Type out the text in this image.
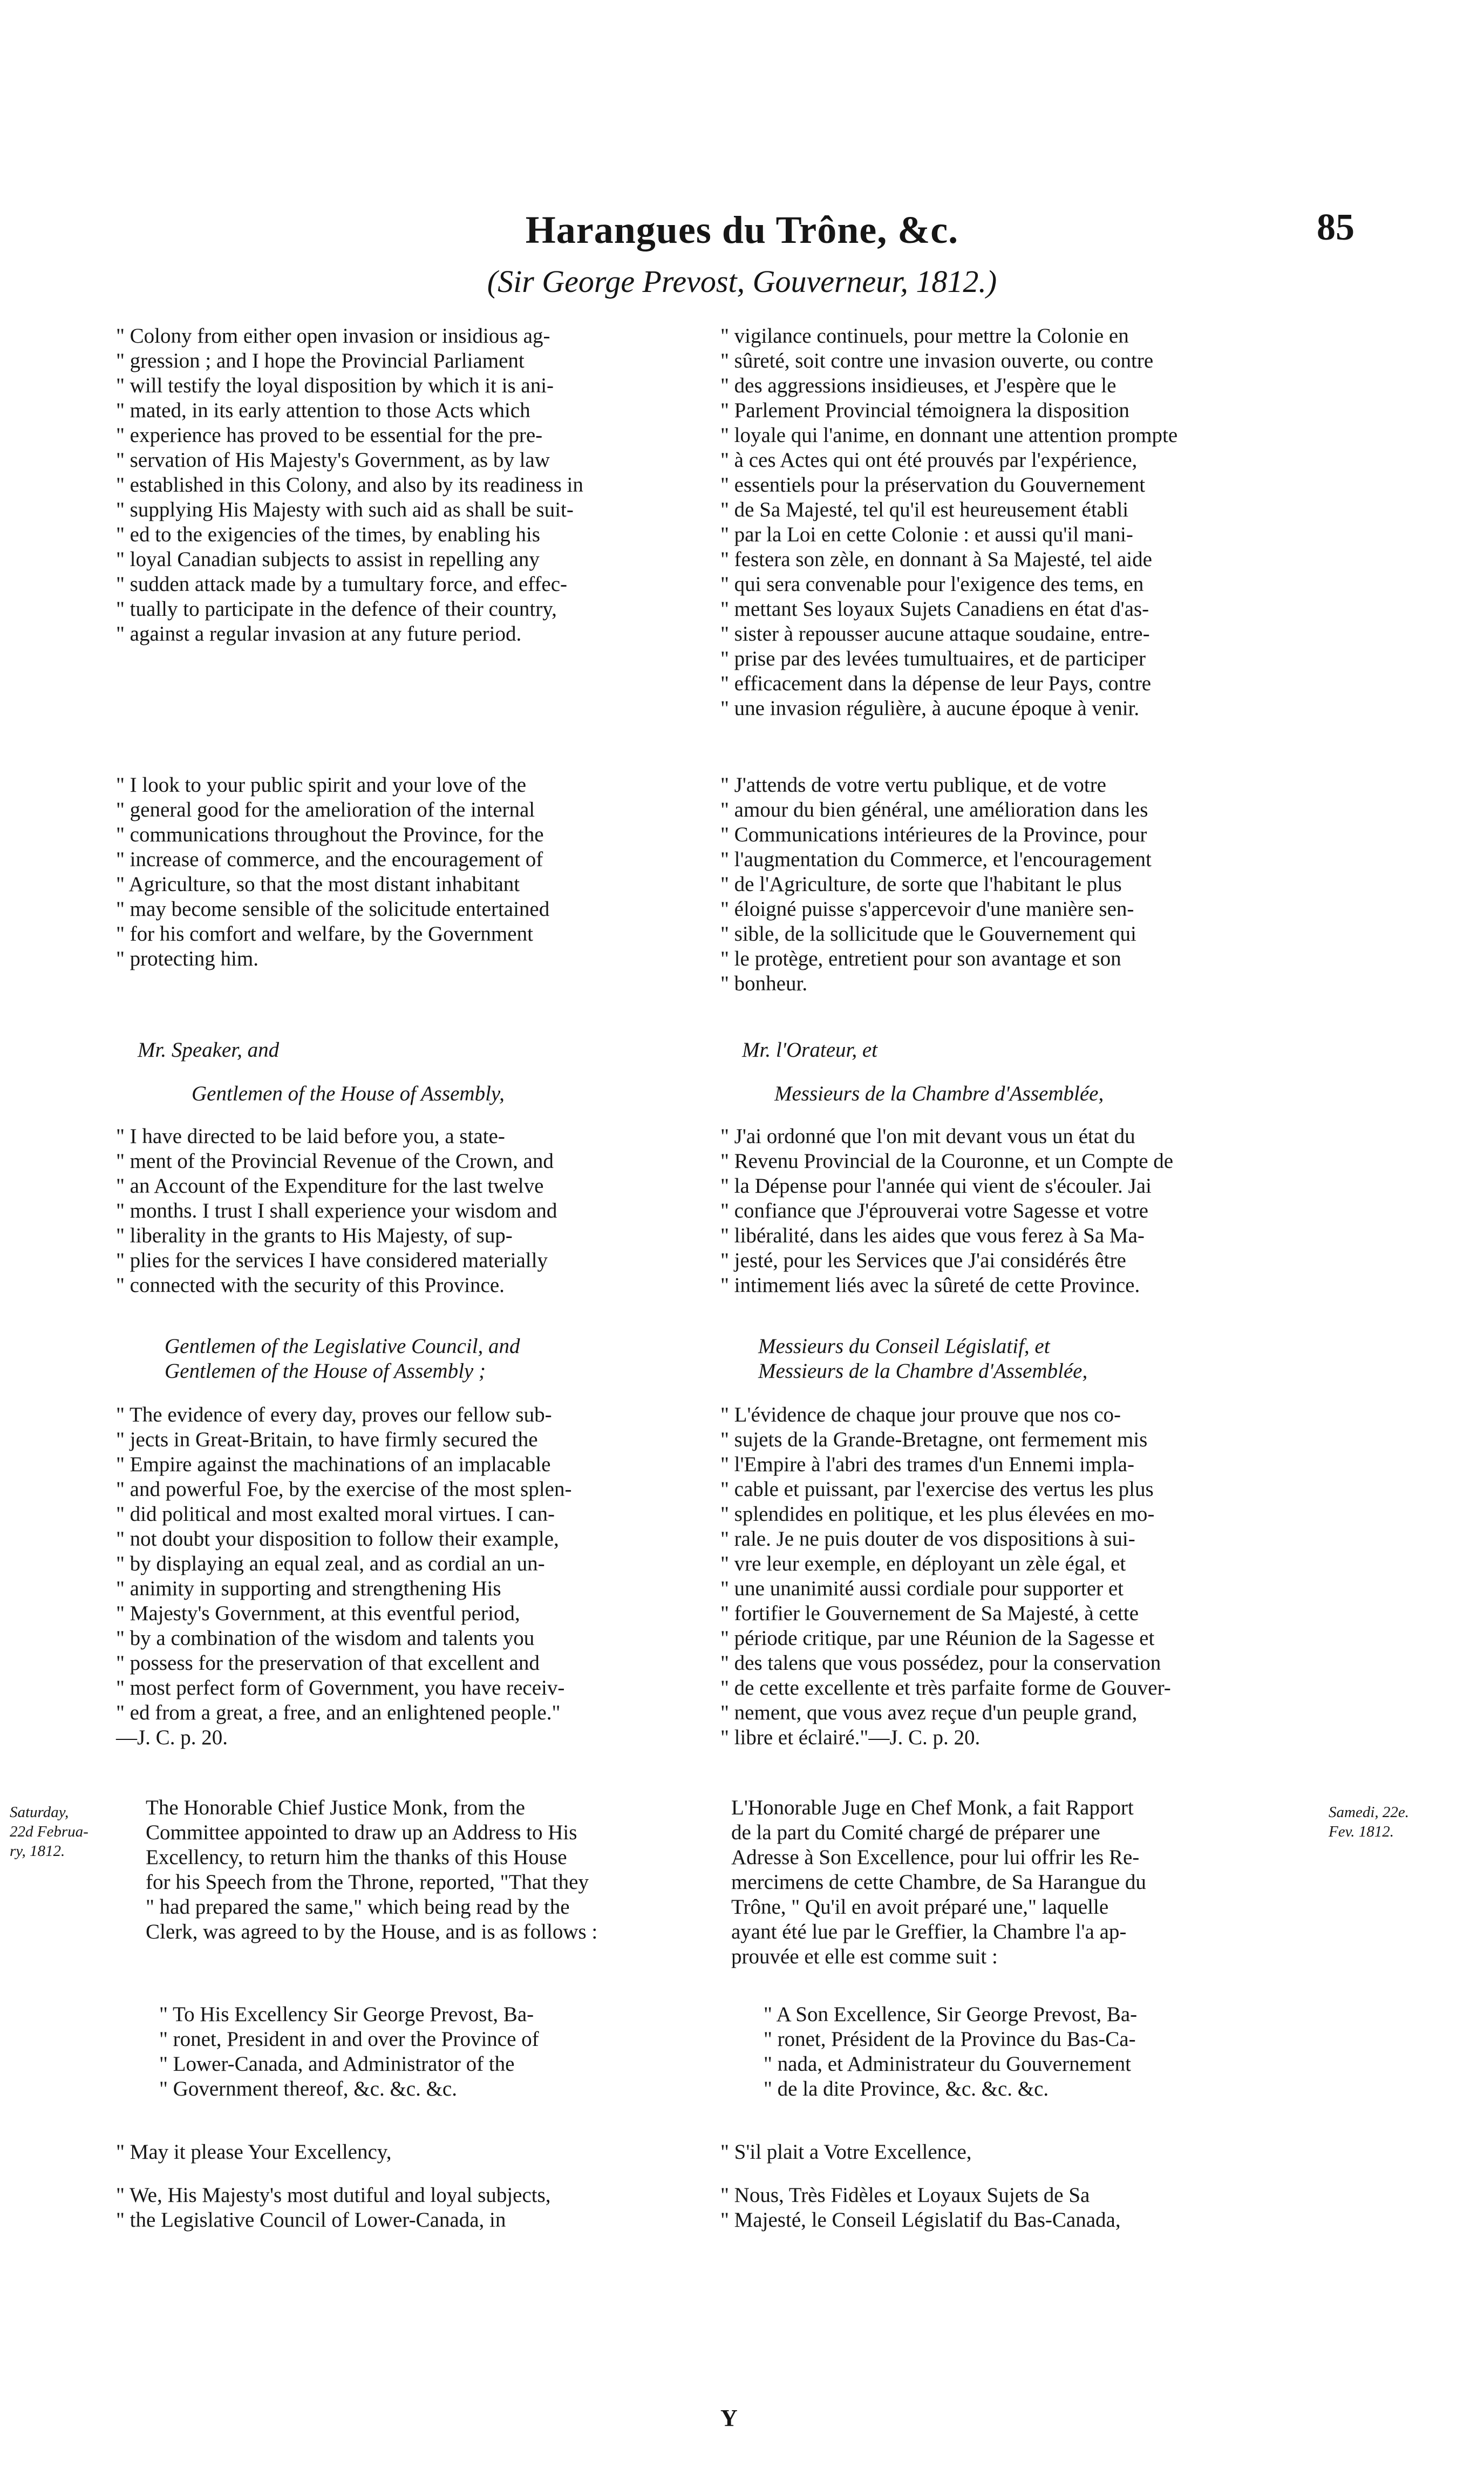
Harangues du Trône, &c.	85
(Sir George Prevost, Gouverneur, 1812.)
" Colony from either open invasion or insidious ag-
" gression ; and I hope the Provincial Parliament
" will testify the loyal disposition by which it is ani-
" mated, in its early attention to those Acts which
" experience has proved to be essential for the pre-
" servation of His Majesty's Government, as by law
" established in this Colony, and also by its readiness in
" supplying His Majesty with such aid as shall be suit-
" ed to the exigencies of the times, by enabling his
" loyal Canadian subjects to assist in repelling any
" sudden attack made by a tumultary force, and effec-
" tually to participate in the defence of their country,
" against a regular invasion at any future period.
" I look to your public spirit and your love of the
" general good for the amelioration of the internal
" communications throughout the Province, for the
" increase of commerce, and the encouragement of
" Agriculture, so that the most distant inhabitant
" may become sensible of the solicitude entertained
" for his comfort and welfare, by the Government
" protecting him.
Mr. Speaker, and
Gentlemen of the House of Assembly,
" I have directed to be laid before you, a state-
" ment of the Provincial Revenue of the Crown, and
" an Account of the Expenditure for the last twelve
" months. I trust I shall experience your wisdom and
" liberality in the grants to His Majesty, of sup-
" plies for the services I have considered materially
" connected with the security of this Province.
Gentlemen of the Legislative Council, and
Gentlemen of the House of Assembly ;
" The evidence of every day, proves our fellow sub-
" jects in Great-Britain, to have firmly secured the
" Empire against the machinations of an implacable
" and powerful Foe, by the exercise of the most splen-
" did political and most exalted moral virtues. I can-
" not doubt your disposition to follow their example,
" by displaying an equal zeal, and as cordial an un-
" animity in supporting and strengthening His
" Majesty's Government, at this eventful period,
" by a combination of the wisdom and talents you
" possess for the preservation of that excellent and
" most perfect form of Government, you have receiv-
" ed from a great, a free, and an enlightened people."
—J. C. p. 20.
The Honorable Chief Justice Monk, from the
Committee appointed to draw up an Address to His
Excellency, to return him the thanks of this House
for his Speech from the Throne, reported, "That they
" had prepared the same," which being read by the
Clerk, was agreed to by the House, and is as follows :
" To His Excellency Sir George Prevost, Ba-
" ronet, President in and over the Province of
" Lower-Canada, and Administrator of the
" Government thereof, &c. &c. &c.
" May it please Your Excellency,
" We, His Majesty's most dutiful and loyal subjects,
" the Legislative Council of Lower-Canada, in
" vigilance continuels, pour mettre la Colonie en
" sûreté, soit contre une invasion ouverte, ou contre
" des aggressions insidieuses, et J'espère que le
" Parlement Provincial témoignera la disposition
" loyale qui l'anime, en donnant une attention prompte
" à ces Actes qui ont été prouvés par l'expérience,
" essentiels pour la préservation du Gouvernement
" de Sa Majesté, tel qu'il est heureusement établi
" par la Loi en cette Colonie : et aussi qu'il mani-
" festera son zèle, en donnant à Sa Majesté, tel aide
" qui sera convenable pour l'exigence des tems, en
" mettant Ses loyaux Sujets Canadiens en état d'as-
" sister à repousser aucune attaque soudaine, entre-
" prise par des levées tumultuaires, et de participer
" efficacement dans la dépense de leur Pays, contre
" une invasion régulière, à aucune époque à venir.
" J'attends de votre vertu publique, et de votre
" amour du bien général, une amélioration dans les
" Communications intérieures de la Province, pour
" l'augmentation du Commerce, et l'encouragement
" de l'Agriculture, de sorte que l'habitant le plus
" éloigné puisse s'appercevoir d'une manière sen-
" sible, de la sollicitude que le Gouvernement qui
" le protège, entretient pour son avantage et son
" bonheur.
Mr. l'Orateur, et
Messieurs de la Chambre d'Assemblée,
" J'ai ordonné que l'on mit devant vous un état du
" Revenu Provincial de la Couronne, et un Compte de
" la Dépense pour l'année qui vient de s'écouler. Jai
" confiance que J'éprouverai votre Sagesse et votre
" libéralité, dans les aides que vous ferez à Sa Ma-
" jesté, pour les Services que J'ai considérés être
" intimement liés avec la sûreté de cette Province.
Messieurs du Conseil Législatif, et
Messieurs de la Chambre d'Assemblée,
" L'évidence de chaque jour prouve que nos co-
" sujets de la Grande-Bretagne, ont fermement mis
" l'Empire à l'abri des trames d'un Ennemi impla-
" cable et puissant, par l'exercise des vertus les plus
" splendides en politique, et les plus élevées en mo-
" rale. Je ne puis douter de vos dispositions à sui-
" vre leur exemple, en déployant un zèle égal, et
" une unanimité aussi cordiale pour supporter et
" fortifier le Gouvernement de Sa Majesté, à cette
" période critique, par une Réunion de la Sagesse et
" des talens que vous possédez, pour la conservation
" de cette excellente et très parfaite forme de Gouver-
" nement, que vous avez reçue d'un peuple grand,
" libre et éclairé."—J. C. p. 20.
L'Honorable Juge en Chef Monk, a fait Rapport
de la part du Comité chargé de préparer une
Adresse à Son Excellence, pour lui offrir les Re-
mercimens de cette Chambre, de Sa Harangue du
Trône, " Qu'il en avoit préparé une," laquelle
ayant été lue par le Greffier, la Chambre l'a ap-
prouvée et elle est comme suit :
" A Son Excellence, Sir George Prevost, Ba-
" ronet, Président de la Province du Bas-Ca-
" nada, et Administrateur du Gouvernement
" de la dite Province, &c. &c. &c.
" S'il plait a Votre Excellence,
" Nous, Très Fidèles et Loyaux Sujets de Sa
" Majesté, le Conseil Législatif du Bas-Canada,
Saturday,
22d Februa-
ry, 1812.
Samedi, 22e.
Fev. 1812.
Y
